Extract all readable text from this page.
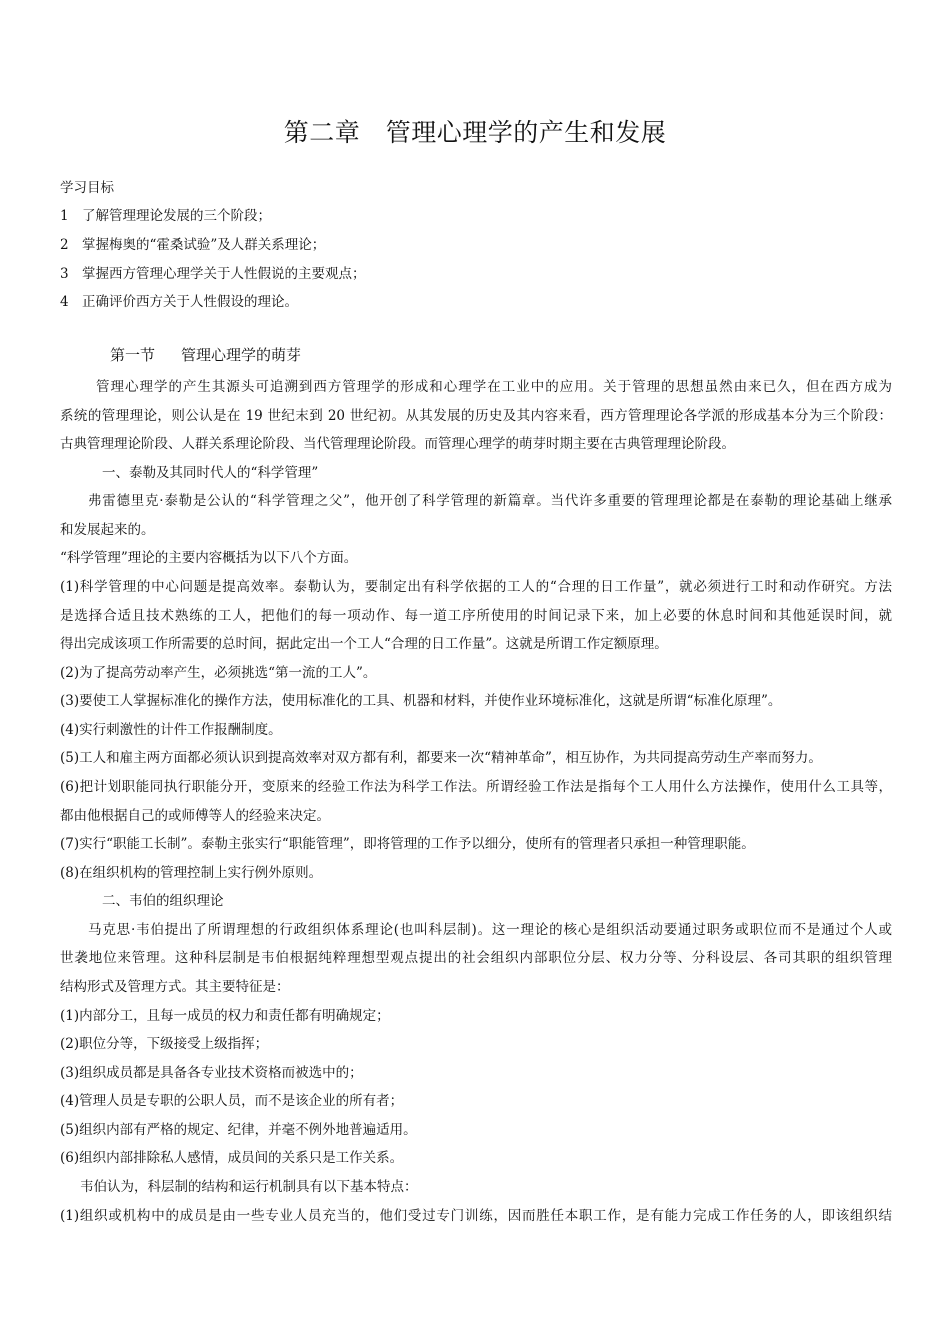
第二章　管理心理学的产生和发展
学习目标
1 了解管理理论发展的三个阶段；
2 掌握梅奥的“霍桑试验”及人群关系理论；
3 掌握西方管理心理学关于人性假说的主要观点；
4 正确评价西方关于人性假设的理论。
第一节 管理心理学的萌芽
管理心理学的产生其源头可追溯到西方管理学的形成和心理学在工业中的应用。关于管理的思想虽然由来已久，但在西方成为
系统的管理理论，则公认是在 19 世纪末到 20 世纪初。从其发展的历史及其内容来看，西方管理理论各学派的形成基本分为三个阶段：
古典管理理论阶段、人群关系理论阶段、当代管理理论阶段。而管理心理学的萌芽时期主要在古典管理理论阶段。
一、泰勒及其同时代人的“科学管理”
弗雷德里克·泰勒是公认的“科学管理之父”，他开创了科学管理的新篇章。当代许多重要的管理理论都是在泰勒的理论基础上继承
和发展起来的。
“科学管理”理论的主要内容概括为以下八个方面。
(1)科学管理的中心问题是提高效率。泰勒认为，要制定出有科学依据的工人的“合理的日工作量”，就必须进行工时和动作研究。方法
是选择合适且技术熟练的工人，把他们的每一项动作、每一道工序所使用的时间记录下来，加上必要的休息时间和其他延误时间，就
得出完成该项工作所需要的总时间，据此定出一个工人“合理的日工作量”。这就是所谓工作定额原理。
(2)为了提高劳动率产生，必须挑选“第一流的工人”。
(3)要使工人掌握标准化的操作方法，使用标准化的工具、机器和材料，并使作业环境标准化，这就是所谓“标准化原理”。
(4)实行刺激性的计件工作报酬制度。
(5)工人和雇主两方面都必须认识到提高效率对双方都有利，都要来一次“精神革命”，相互协作，为共同提高劳动生产率而努力。
(6)把计划职能同执行职能分开，变原来的经验工作法为科学工作法。所谓经验工作法是指每个工人用什么方法操作，使用什么工具等，
都由他根据自己的或师傅等人的经验来决定。
(7)实行“职能工长制”。泰勒主张实行“职能管理”，即将管理的工作予以细分，使所有的管理者只承担一种管理职能。
(8)在组织机构的管理控制上实行例外原则。
二、韦伯的组织理论
马克思·韦伯提出了所谓理想的行政组织体系理论(也叫科层制)。这一理论的核心是组织活动要通过职务或职位而不是通过个人或
世袭地位来管理。这种科层制是韦伯根据纯粹理想型观点提出的社会组织内部职位分层、权力分等、分科设层、各司其职的组织管理
结构形式及管理方式。其主要特征是：
(1)内部分工，且每一成员的权力和责任都有明确规定；
(2)职位分等，下级接受上级指挥；
(3)组织成员都是具备各专业技术资格而被选中的；
(4)管理人员是专职的公职人员，而不是该企业的所有者；
(5)组织内部有严格的规定、纪律，并毫不例外地普遍适用。
(6)组织内部排除私人感情，成员间的关系只是工作关系。
韦伯认为，科层制的结构和运行机制具有以下基本特点：
(1)组织或机构中的成员是由一些专业人员充当的，他们受过专门训练，因而胜任本职工作，是有能力完成工作任务的人，即该组织结
